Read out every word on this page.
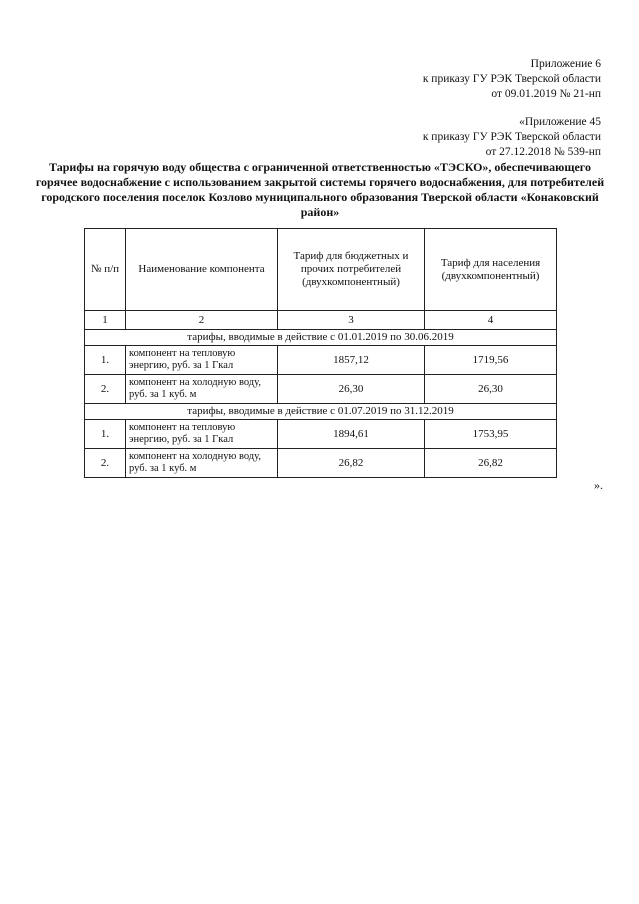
Приложение 6
к приказу ГУ РЭК Тверской области
от 09.01.2019 № 21-нп
«Приложение 45
к приказу ГУ РЭК Тверской области
от 27.12.2018 № 539-нп
Тарифы на горячую воду общества с ограниченной ответственностью «ТЭСКО», обеспечивающего горячее водоснабжение с использованием закрытой системы горячего водоснабжения, для потребителей городского поселения поселок Козлово муниципального образования Тверской области «Конаковский район»
№ п/п	Наименование компонента	Тариф для бюджетных и прочих потребителей (двухкомпонентный)	Тариф для населения (двухкомпонентный)
1	2	3	4
тарифы, вводимые в действие с 01.01.2019 по 30.06.2019			
1.	компонент на тепловую энергию, руб. за 1 Гкал	1857,12	1719,56
2.	компонент на холодную воду, руб. за 1 куб. м	26,30	26,30
тарифы, вводимые в действие с 01.07.2019 по 31.12.2019			
1.	компонент на тепловую энергию, руб. за 1 Гкал	1894,61	1753,95
2.	компонент на холодную воду, руб. за 1 куб. м	26,82	26,82
».
